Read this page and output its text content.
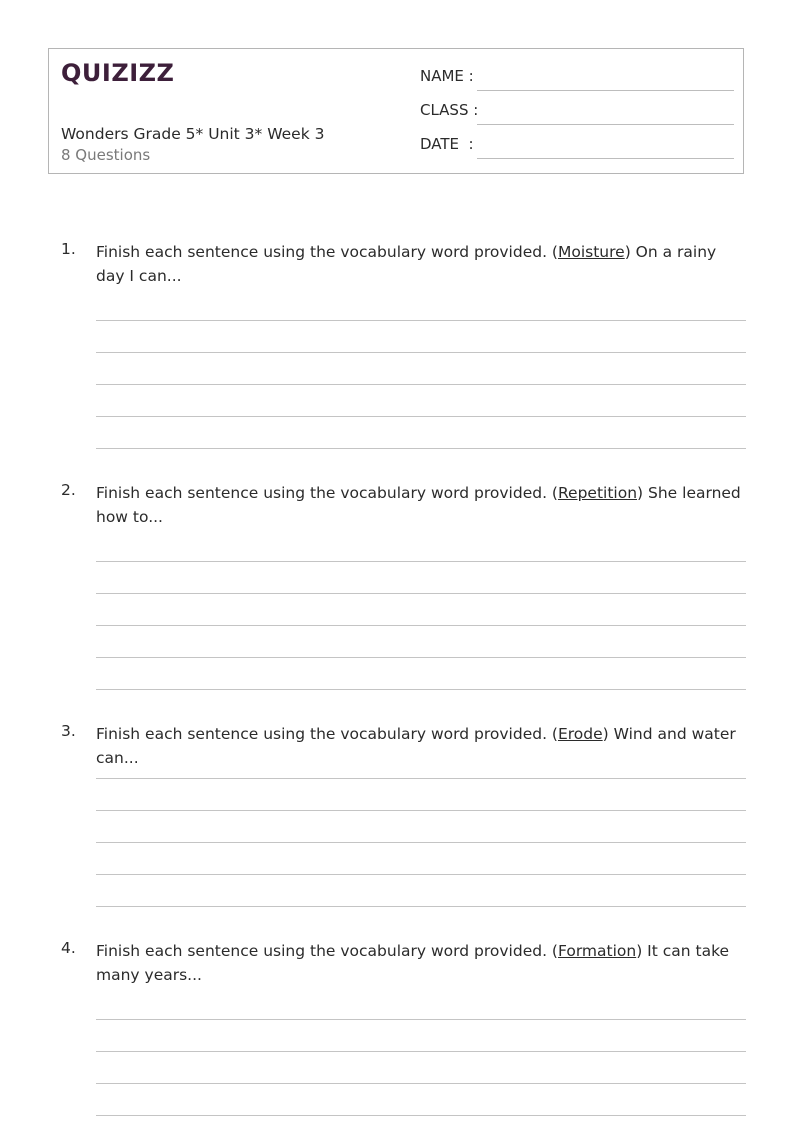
QUIZIZZ
Wonders Grade 5* Unit 3* Week 3
8 Questions
NAME :
CLASS :
DATE  :
1. Finish each sentence using the vocabulary word provided. (Moisture) On a rainy day I can...
2. Finish each sentence using the vocabulary word provided. (Repetition) She learned how to...
3. Finish each sentence using the vocabulary word provided. (Erode) Wind and water can...
4. Finish each sentence using the vocabulary word provided. (Formation) It can take many years...
